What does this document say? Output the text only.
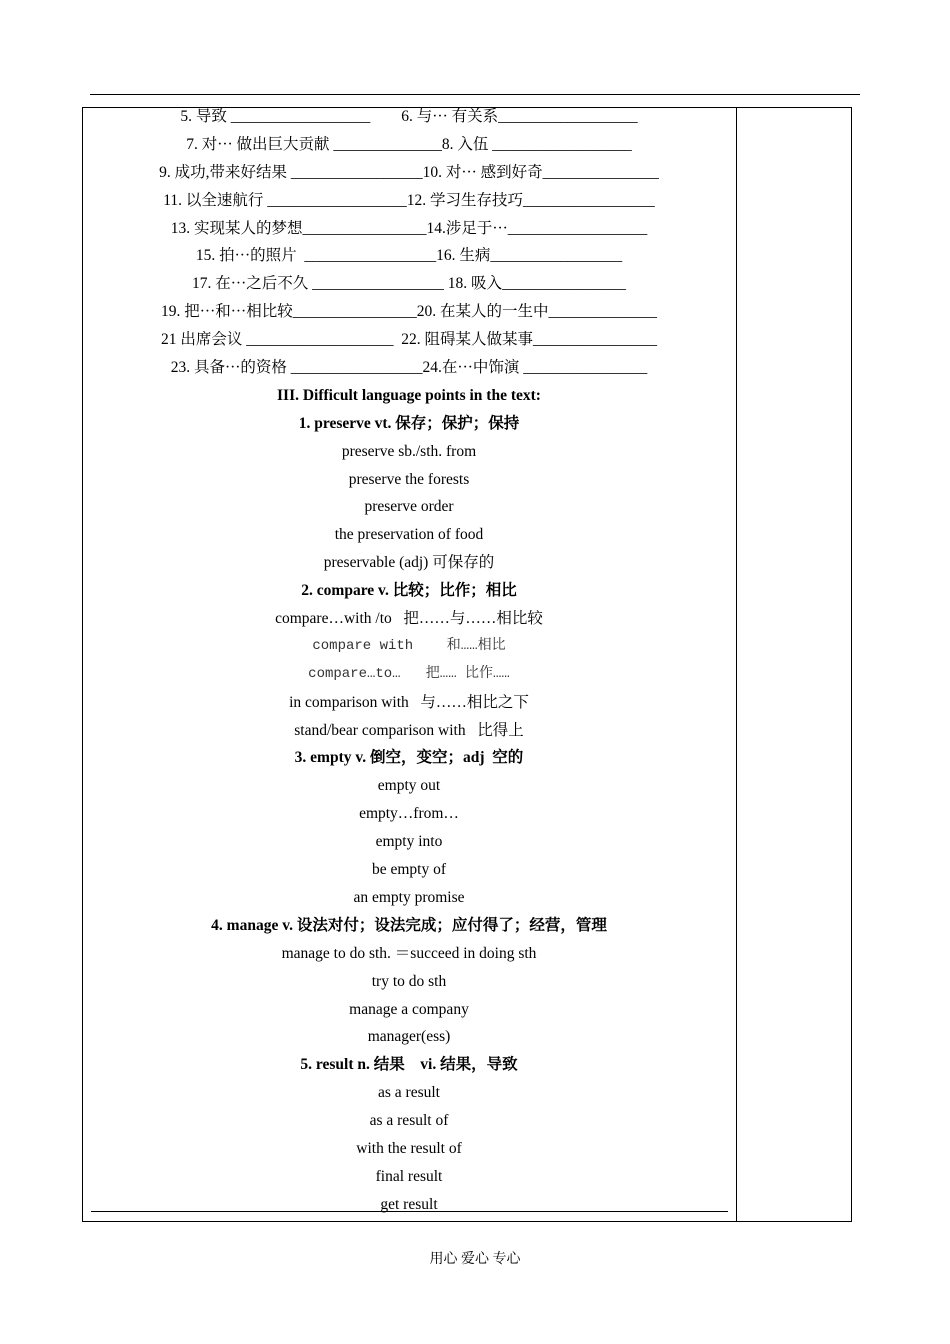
5. 导致 __________________        6. 与··· 有关系__________________
7. 对··· 做出巨大贡献 ______________8. 入伍 __________________
9. 成功,带来好结果 _________________10. 对··· 感到好奇_______________
11. 以全速航行 __________________12. 学习生存技巧_________________
13. 实现某人的梦想________________14.涉足于···__________________
15. 拍···的照片  _________________16. 生病_________________
17. 在···之后不久 _________________ 18. 吸入________________
19. 把···和···相比较________________20. 在某人的一生中______________
21 出席会议 ___________________  22. 阻碍某人做某事________________
23. 具备···的资格 _________________24.在···中饰演 ________________
III. Difficult language points in the text:
1. preserve vt. 保存；保护；保持
preserve sb./sth. from
preserve the forests
preserve order
the preservation of food
preservable (adj) 可保存的
2. compare v. 比较；比作；相比
compare…with /to   把……与……相比较
compare with    和……相比
compare…to…   把…… 比作……
in comparison with   与……相比之下
stand/bear comparison with   比得上
3. empty v. 倒空，变空；adj  空的
empty out
empty…from…
empty into
be empty of
an empty promise
4. manage v. 设法对付；设法完成；应付得了；经营，管理
manage to do sth. ＝succeed in doing sth
try to do sth
manage a company
manager(ess)
5. result n. 结果    vi. 结果，导致
as a result
as a result of
with the result of
final result
get result
用心 爱心 专心
